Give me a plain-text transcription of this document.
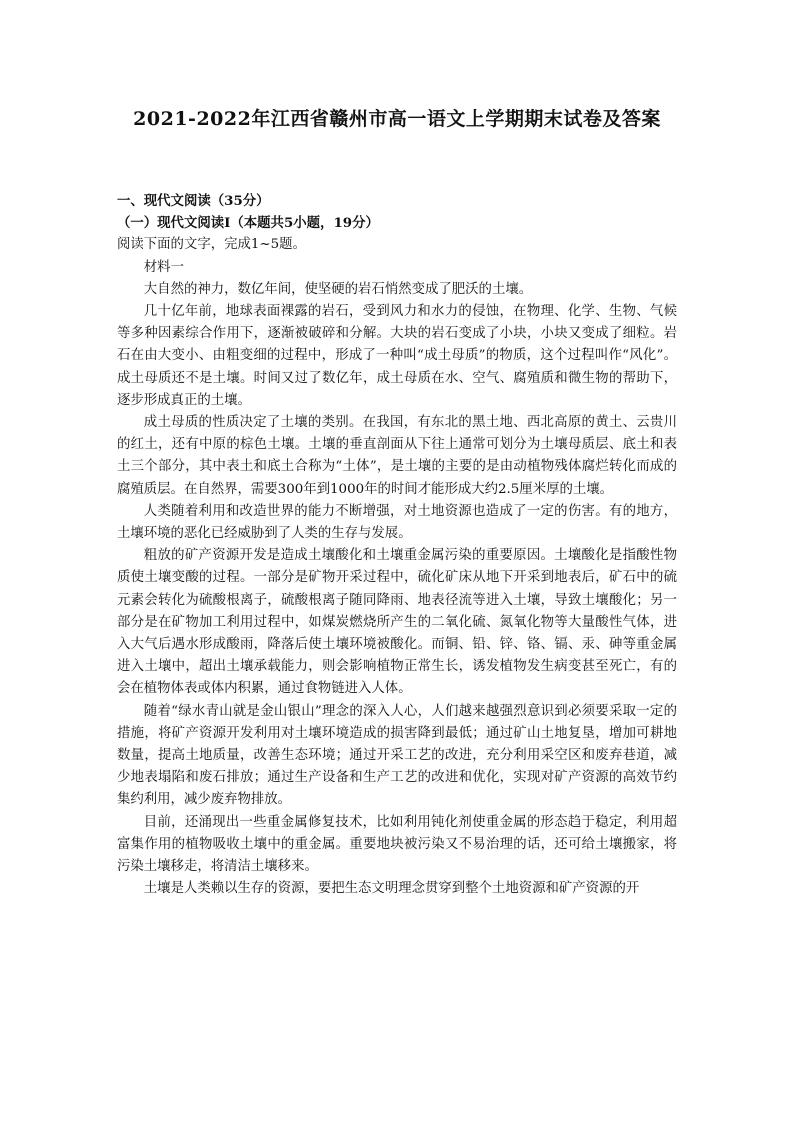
2021-2022年江西省赣州市高一语文上学期期末试卷及答案

一、现代文阅读（35分）

（一）现代文阅读Ⅰ（本题共5小题，19分）

阅读下面的文字，完成1~5题。

材料一

大自然的神力，数亿年间，使坚硬的岩石悄然变成了肥沃的土壤。

几十亿年前，地球表面裸露的岩石，受到风力和水力的侵蚀，在物理、化学、生物、气候等多种因素综合作用下，逐渐被破碎和分解。大块的岩石变成了小块，小块又变成了细粒。岩石在由大变小、由粗变细的过程中，形成了一种叫“成土母质”的物质，这个过程叫作“风化”。成土母质还不是土壤。时间又过了数亿年，成土母质在水、空气、腐殖质和微生物的帮助下，逐步形成真正的土壤。

成土母质的性质决定了土壤的类别。在我国，有东北的黑土地、西北高原的黄土、云贵川的红土，还有中原的棕色土壤。土壤的垂直剖面从下往上通常可划分为土壤母质层、底土和表土三个部分，其中表土和底土合称为“土体”，是土壤的主要的是由动植物残体腐烂转化而成的腐殖质层。在自然界，需要300年到1000年的时间才能形成大约2.5厘米厚的土壤。

人类随着利用和改造世界的能力不断增强，对土地资源也造成了一定的伤害。有的地方，土壤环境的恶化已经威胁到了人类的生存与发展。

粗放的矿产资源开发是造成土壤酸化和土壤重金属污染的重要原因。土壤酸化是指酸性物质使土壤变酸的过程。一部分是矿物开采过程中，硫化矿床从地下开采到地表后，矿石中的硫元素会转化为硫酸根离子，硫酸根离子随同降雨、地表径流等进入土壤，导致土壤酸化；另一部分是在矿物加工利用过程中，如煤炭燃烧所产生的二氧化硫、氮氧化物等大量酸性气体，进入大气后遇水形成酸雨，降落后使土壤环境被酸化。而铜、铅、锌、铬、镉、汞、砷等重金属进入土壤中，超出土壤承载能力，则会影响植物正常生长，诱发植物发生病变甚至死亡，有的会在植物体表或体内积累，通过食物链进入人体。

随着“绿水青山就是金山银山”理念的深入人心，人们越来越强烈意识到必须要采取一定的措施，将矿产资源开发利用对土壤环境造成的损害降到最低；通过矿山土地复垦，增加可耕地数量，提高土地质量，改善生态环境；通过开采工艺的改进，充分利用采空区和废弃巷道，减少地表塌陷和废石排放；通过生产设备和生产工艺的改进和优化，实现对矿产资源的高效节约集约利用，减少废弃物排放。

目前，还涌现出一些重金属修复技术，比如利用钝化剂使重金属的形态趋于稳定，利用超富集作用的植物吸收土壤中的重金属。重要地块被污染又不易治理的话，还可给土壤搬家，将污染土壤移走，将清洁土壤移来。

土壤是人类赖以生存的资源，要把生态文明理念贯穿到整个土地资源和矿产资源的开
